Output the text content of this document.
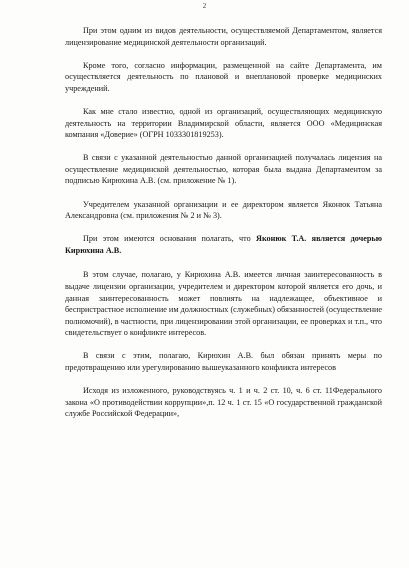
2

При этом одним из видов деятельности, осуществляемой Департаментом, является лицензирование медицинской деятельности организаций.

Кроме того, согласно информации, размещенной на сайте Департамента, им осуществляется деятельность по плановой и внеплановой проверке медицинских учреждений.

Как мне стало известно, одной из организаций, осуществляющих медицинскую деятельность на территории Владимирской области, является ООО «Медицинская компания «Доверие» (ОГРН 1033301819253).

В связи с указанной деятельностью данной организацией получалась лицензия на осуществление медицинской деятельностью, которая была выдана Департаментом за подписью Кирюхина А.В. (см. приложение № 1).

Учредителем указанной организации и ее директором является Яконюк Татьяна Александровна (см. приложения № 2 и № 3).

При этом имеются основания полагать, что Яконюк Т.А. является дочерью Кирюхина А.В.

В этом случае, полагаю, у Кирюхина А.В. имеется личная заинтересованность в выдаче лицензии организации, учредителем и директором которой является его дочь, и данная заинтересованность может повлиять на надлежащее, объективное и беспристрастное исполнение им должностных (служебных) обязанностей (осуществление полномочий), в частности, при лицензировании этой организации, ее проверках и т.п., что свидетельствует о конфликте интересов.

В связи с этим, полагаю, Кирюхин А.В. был обязан принять меры по предотвращению или урегулированию вышеуказанного конфликта интересов

Исходя из изложенного, руководствуясь ч. 1 и ч. 2 ст. 10, ч. 6 ст. 11Федерального закона «О противодействии коррупции»,п. 12 ч. 1 ст. 15 «О государственной гражданской службе Российской Федерации»,
